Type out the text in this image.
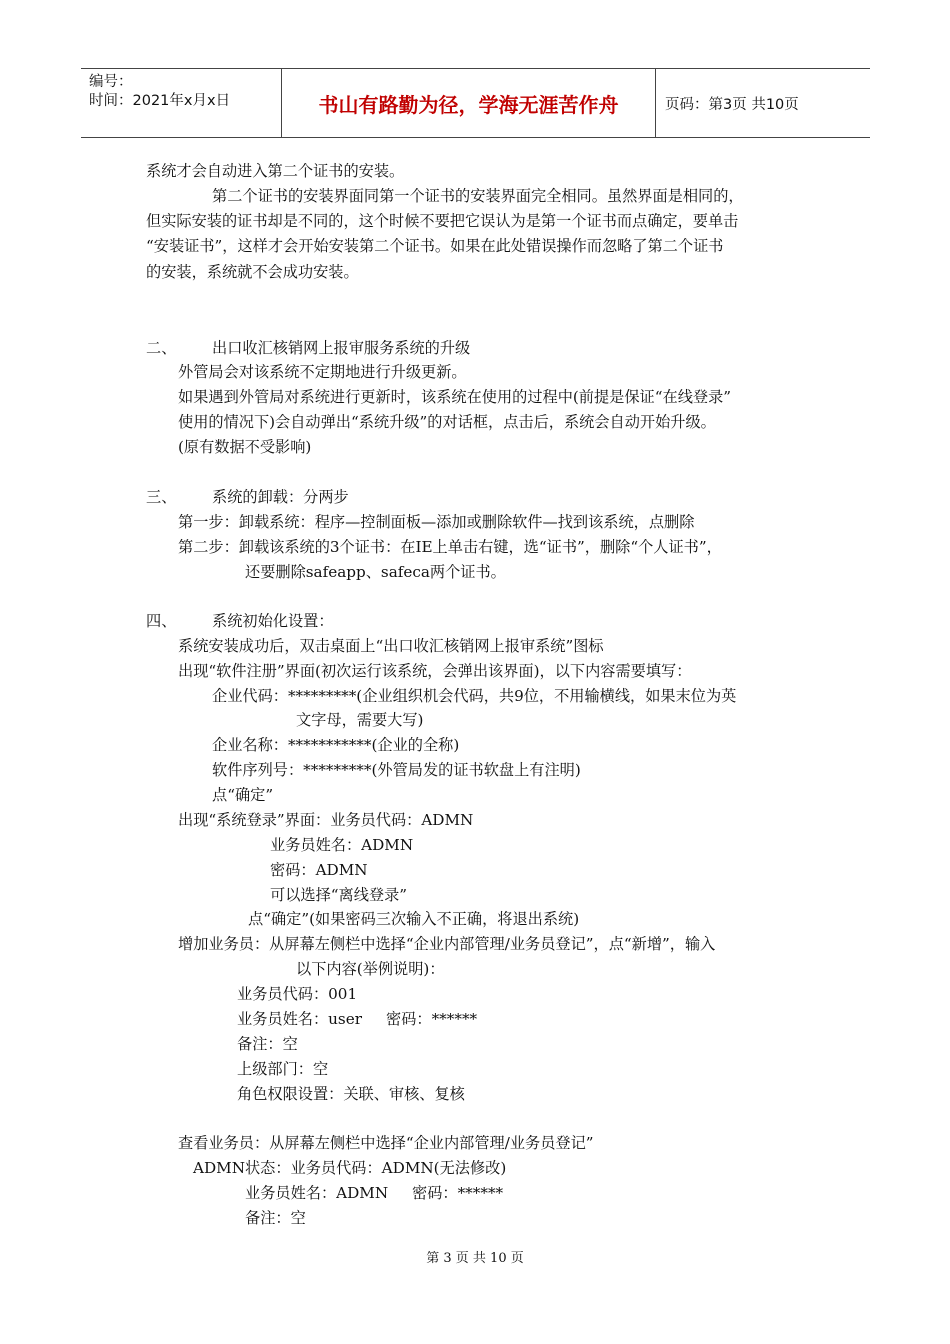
编号：
时间：2021年x月x日	书山有路勤为径，学海无涯苦作舟	页码：第3页 共10页
系统才会自动进入第二个证书的安装。
第二个证书的安装界面同第一个证书的安装界面完全相同。虽然界面是相同的，
但实际安装的证书却是不同的，这个时候不要把它误认为是第一个证书而点确定，要单击
“安装证书”，这样才会开始安装第二个证书。如果在此处错误操作而忽略了第二个证书
的安装，系统就不会成功安装。
二、 出口收汇核销网上报审服务系统的升级
外管局会对该系统不定期地进行升级更新。
如果遇到外管局对系统进行更新时，该系统在使用的过程中(前提是保证“在线登录”
使用的情况下)会自动弹出“系统升级”的对话框，点击后，系统会自动开始升级。
(原有数据不受影响)
三、 系统的卸载：分两步
第一步：卸载系统：程序—控制面板—添加或删除软件—找到该系统，点删除
第二步：卸载该系统的3个证书：在IE上单击右键，选“证书”，删除“个人证书”，
还要删除safeapp、safeca两个证书。
四、 系统初始化设置：
系统安装成功后，双击桌面上“出口收汇核销网上报审系统”图标
出现“软件注册”界面(初次运行该系统，会弹出该界面)，以下内容需要填写：
企业代码：*********(企业组织机会代码，共9位，不用输横线，如果末位为英
文字母，需要大写)
企业名称：***********(企业的全称)
软件序列号：*********(外管局发的证书软盘上有注明)
点“确定”
出现“系统登录”界面：业务员代码：ADMN
业务员姓名：ADMN
密码：ADMN
可以选择“离线登录”
点“确定”(如果密码三次输入不正确，将退出系统)
增加业务员：从屏幕左侧栏中选择“企业内部管理/业务员登记”，点“新增”，输入
以下内容(举例说明)：
业务员代码：001
业务员姓名：user 密码：******
备注：空
上级部门：空
角色权限设置：关联、审核、复核
查看业务员：从屏幕左侧栏中选择“企业内部管理/业务员登记”
ADMN状态：业务员代码：ADMN(无法修改)
业务员姓名：ADMN 密码：******
备注：空
第 3 页 共 10 页
